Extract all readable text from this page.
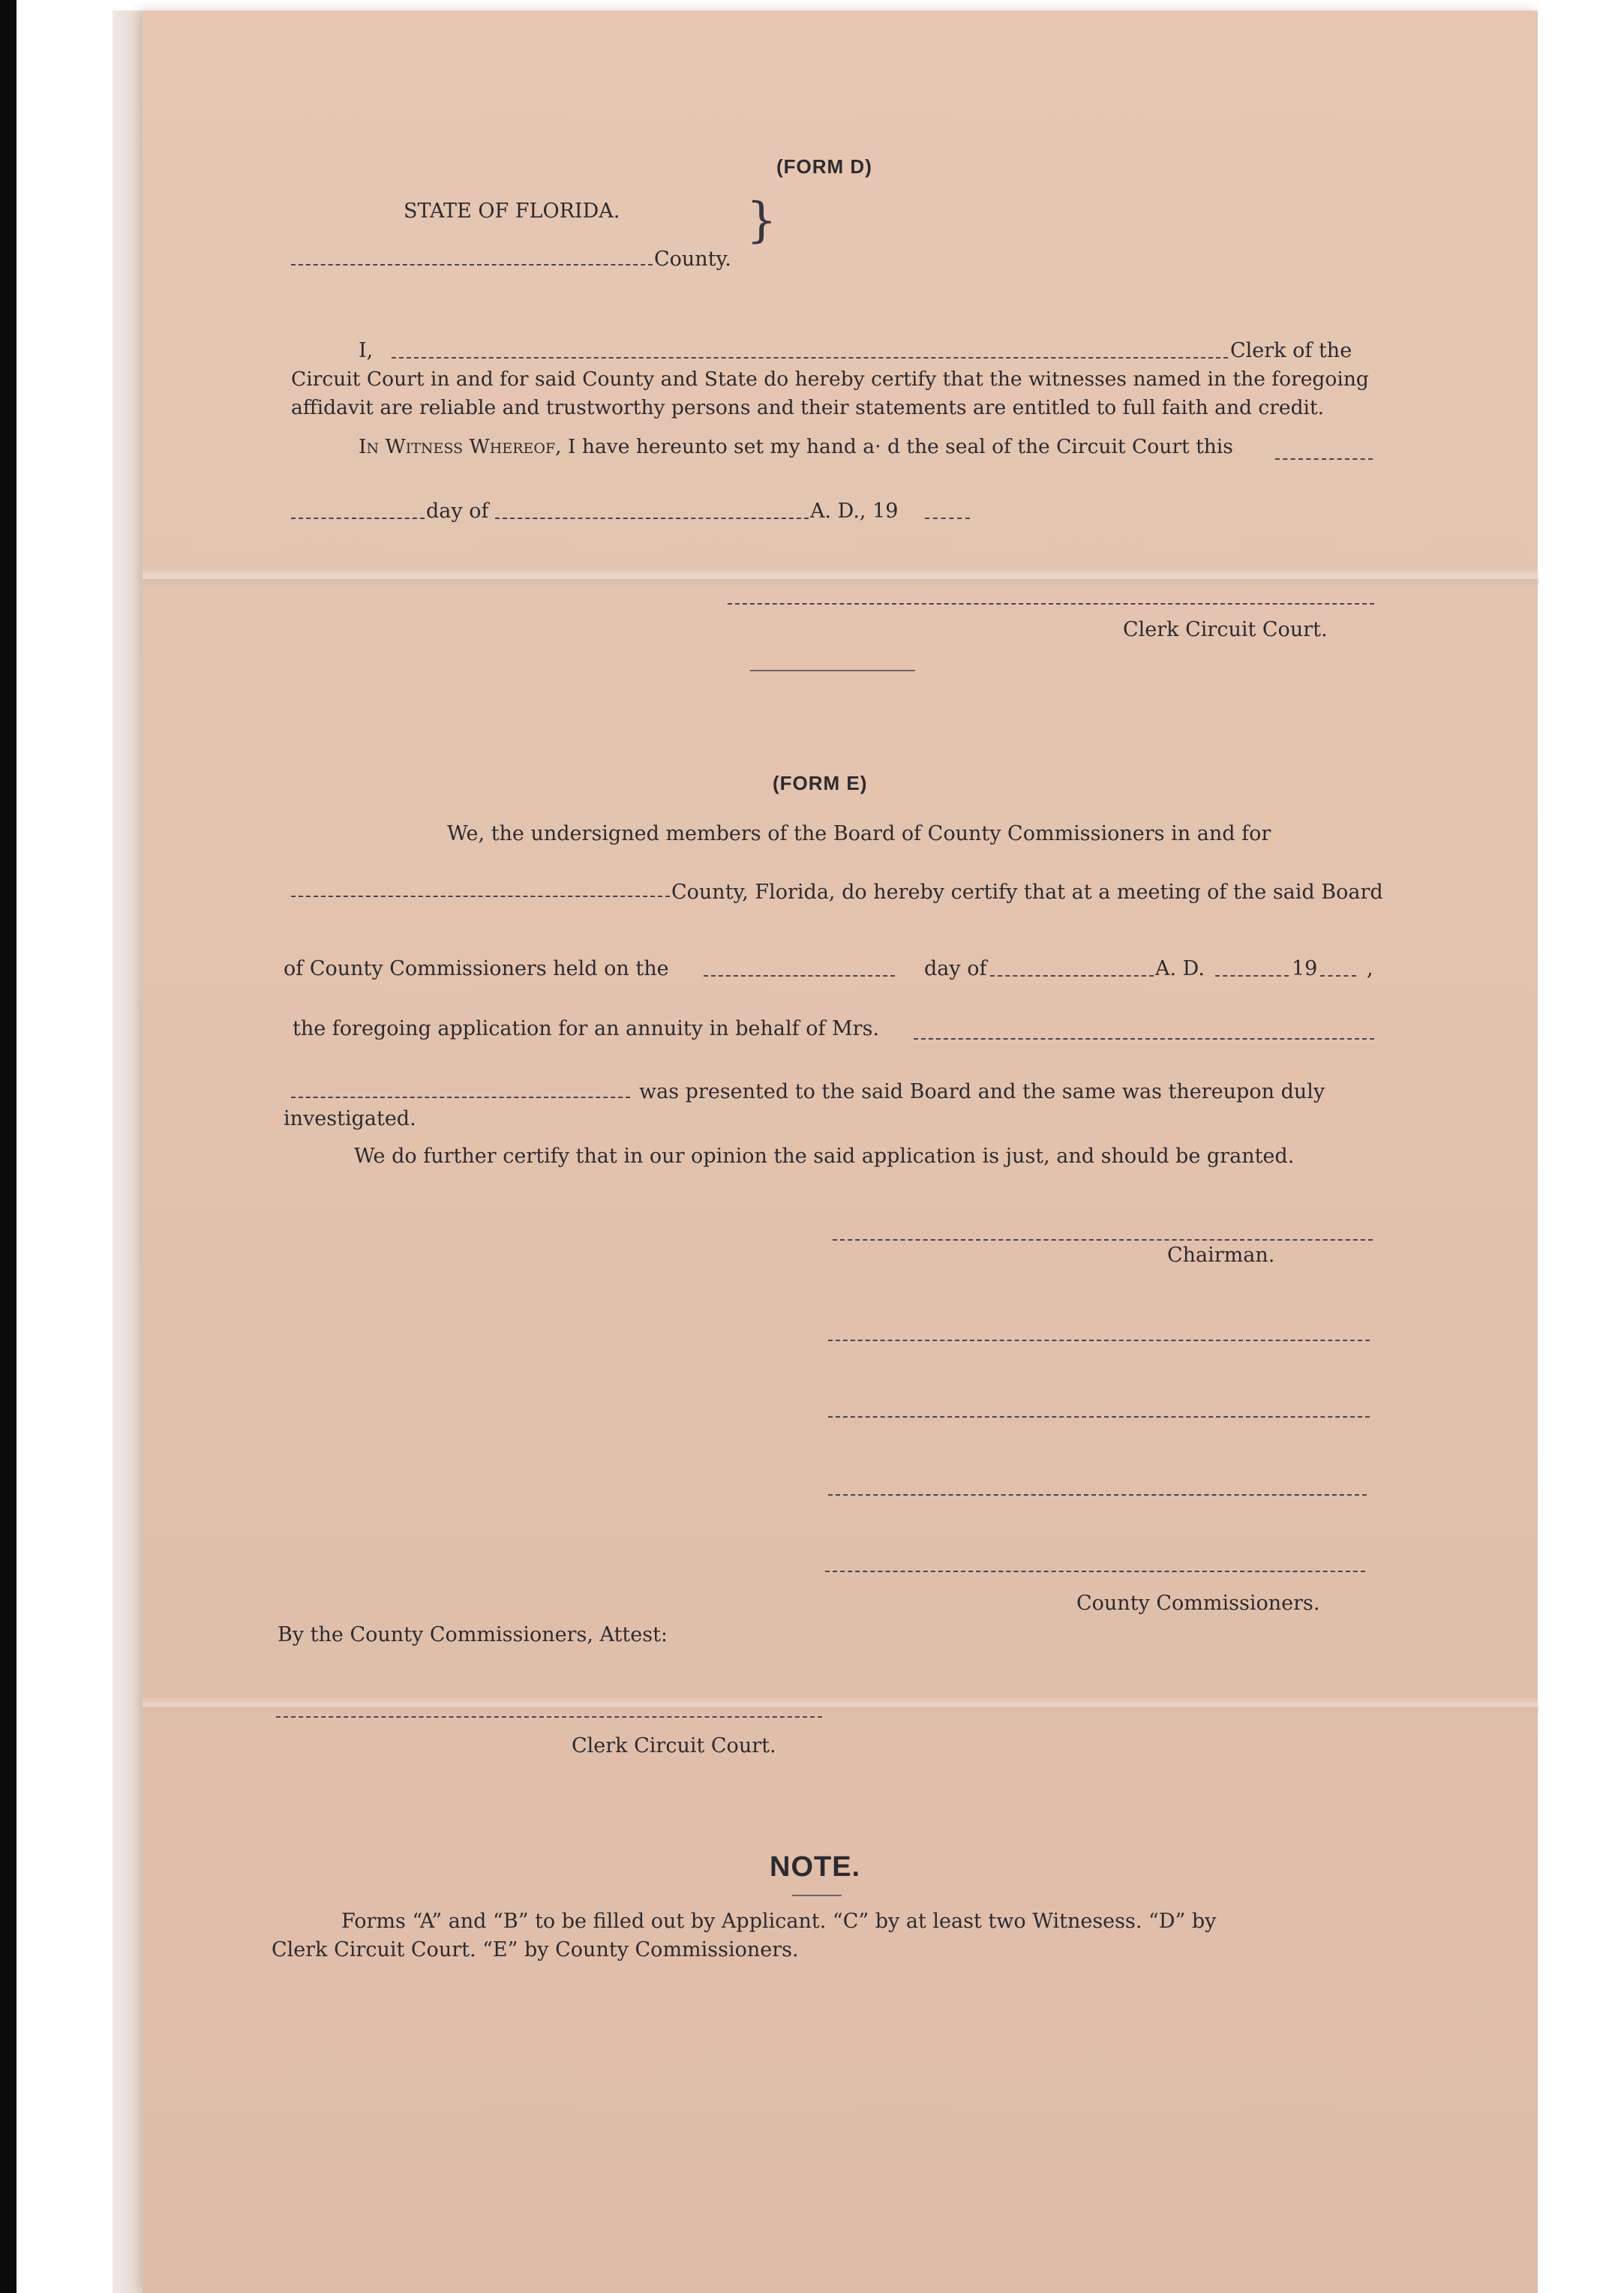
(FORM D)
STATE OF FLORIDA.
County.
}
I,	Clerk of the
Circuit Court in and for said County and State do hereby certify that the witnesses named in the foregoing
affidavit are reliable and trustworthy persons and their statements are entitled to full faith and credit.
In Witness Whereof, I have hereunto set my hand a· d the seal of the Circuit Court this
day of	A. D., 19
Clerk Circuit Court.
(FORM E)
We, the undersigned members of the Board of County Commissioners in and for
County, Florida, do hereby certify that at a meeting of the said Board
of County Commissioners held on the	day of	A. D.	19 ,
the foregoing application for an annuity in behalf of Mrs.
was presented to the said Board and the same was thereupon duly
investigated.
We do further certify that in our opinion the said application is just, and should be granted.
Chairman.
County Commissioners.
By the County Commissioners, Attest:
Clerk Circuit Court.
NOTE.
Forms “A” and “B” to be filled out by Applicant. “C” by at least two Witnesess. “D” by
Clerk Circuit Court. “E” by County Commissioners.
